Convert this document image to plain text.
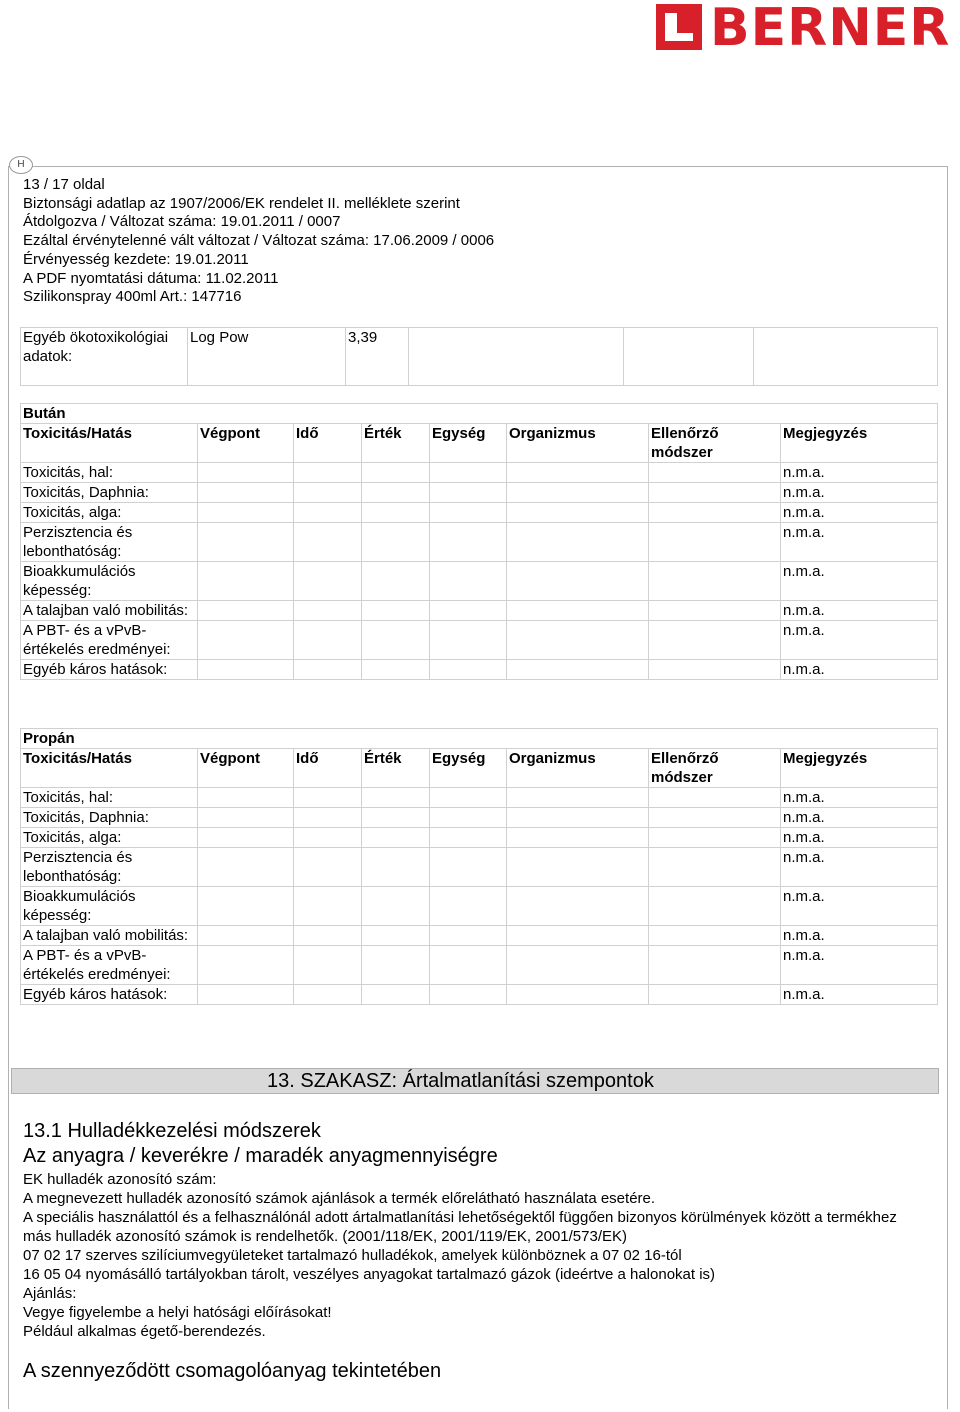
BERNER
H
13 / 17 oldal
Biztonsági adatlap az 1907/2006/EK rendelet II. melléklete szerint
Átdolgozva / Változat száma: 19.01.2011 / 0007
Ezáltal érvénytelenné vált változat / Változat száma: 17.06.2009 / 0006
Érvényesség kezdete: 19.01.2011
A PDF nyomtatási dátuma: 11.02.2011
Szilikonspray 400ml Art.: 147716
Egyéb ökotoxikológiai adatok:	Log Pow	3,39			
Bután							
Toxicitás/Hatás	Végpont	Idő	Érték	Egység	Organizmus	Ellenőrző módszer	Megjegyzés
Toxicitás, hal:							n.m.a.
Toxicitás, Daphnia:							n.m.a.
Toxicitás, alga:							n.m.a.
Perzisztencia és lebonthatóság:							n.m.a.
Bioakkumulációs képesség:							n.m.a.
A talajban való mobilitás:							n.m.a.
A PBT- és a vPvB-értékelés eredményei:							n.m.a.
Egyéb káros hatások:							n.m.a.
Propán							
Toxicitás/Hatás	Végpont	Idő	Érték	Egység	Organizmus	Ellenőrző módszer	Megjegyzés
Toxicitás, hal:							n.m.a.
Toxicitás, Daphnia:							n.m.a.
Toxicitás, alga:							n.m.a.
Perzisztencia és lebonthatóság:							n.m.a.
Bioakkumulációs képesség:							n.m.a.
A talajban való mobilitás:							n.m.a.
A PBT- és a vPvB-értékelés eredményei:							n.m.a.
Egyéb káros hatások:							n.m.a.
13. SZAKASZ: Ártalmatlanítási szempontok
13.1 Hulladékkezelési módszerek
Az anyagra / keverékre / maradék anyagmennyiségre
EK hulladék azonosító szám:
A megnevezett hulladék azonosító számok ajánlások a termék előrelátható használata esetére.
A speciális használattól és a felhasználónál adott ártalmatlanítási lehetőségektől függően bizonyos körülmények között a termékhez
más hulladék azonosító számok is rendelhetők. (2001/118/EK, 2001/119/EK, 2001/573/EK)
07 02 17 szerves szilíciumvegyületeket tartalmazó hulladékok, amelyek különböznek a 07 02 16-tól
16 05 04 nyomásálló tartályokban tárolt, veszélyes anyagokat tartalmazó gázok (ideértve a halonokat is)
Ajánlás:
Vegye figyelembe a helyi hatósági előírásokat!
Például alkalmas égető-berendezés.
A szennyeződött csomagolóanyag tekintetében
